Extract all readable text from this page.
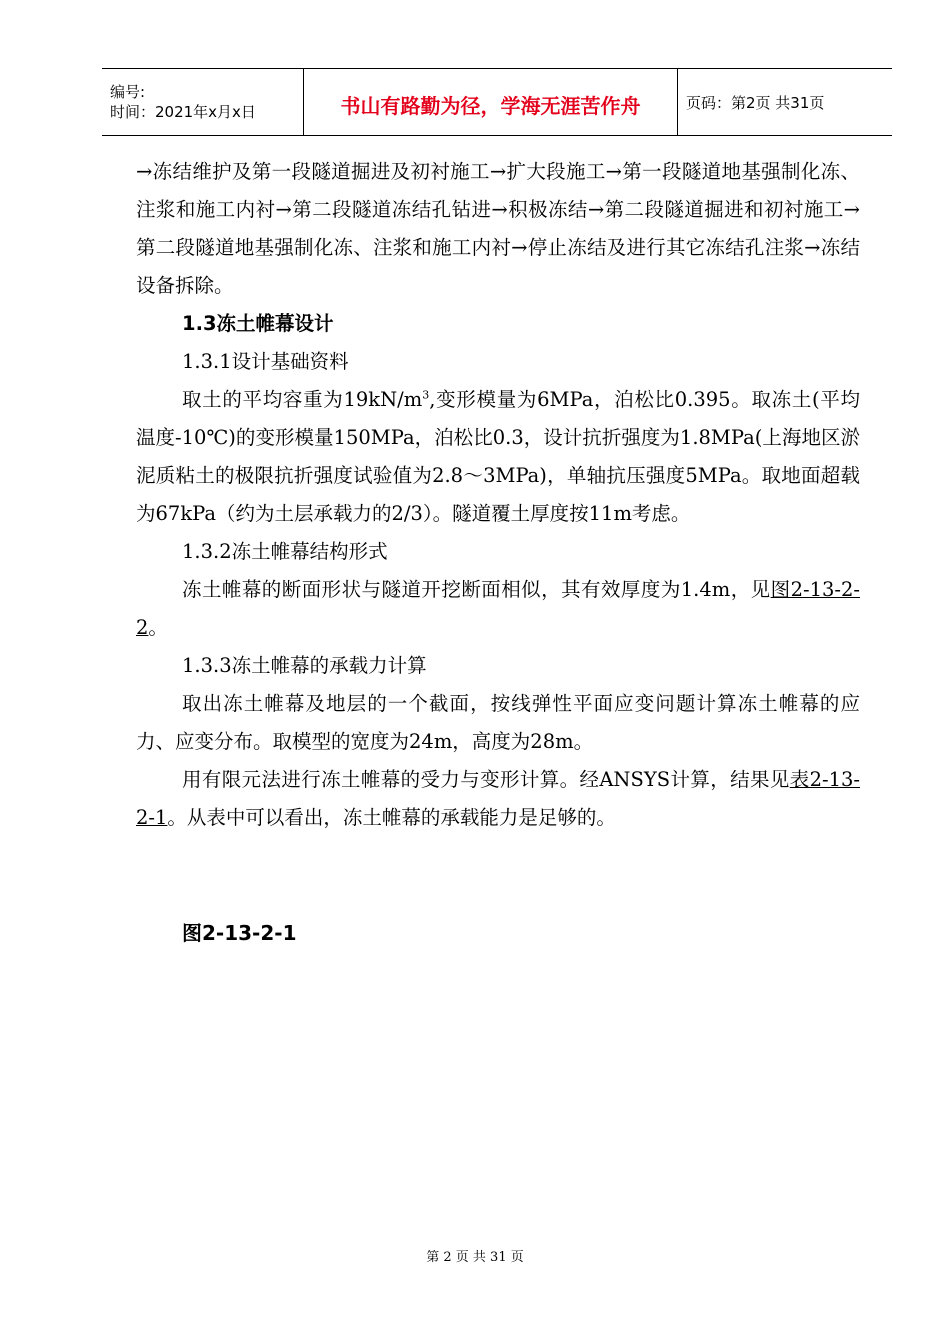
编号:
时间：2021年x月x日	书山有路勤为径，学海无涯苦作舟	页码：第2页 共31页

→冻结维护及第一段隧道掘进及初衬施工→扩大段施工→第一段隧道地基强制化冻、注浆和施工内衬→第二段隧道冻结孔钻进→积极冻结→第二段隧道掘进和初衬施工→第二段隧道地基强制化冻、注浆和施工内衬→停止冻结及进行其它冻结孔注浆→冻结设备拆除。

1.3冻土帷幕设计

1.3.1设计基础资料

取土的平均容重为$19kN/m^3$,变形模量为6MPa，泊松比0.395。取冻土(平均温度-10℃)的变形模量150MPa，泊松比0.3，设计抗折强度为1.8MPa(上海地区淤泥质粘土的极限抗折强度试验值为2.8～3MPa)，单轴抗压强度5MPa。取地面超载为67kPa（约为土层承载力的2/3）。隧道覆土厚度按11m考虑。

1.3.2冻土帷幕结构形式

冻土帷幕的断面形状与隧道开挖断面相似，其有效厚度为1.4m，见图2-13-2-2。

1.3.3冻土帷幕的承载力计算

取出冻土帷幕及地层的一个截面，按线弹性平面应变问题计算冻土帷幕的应力、应变分布。取模型的宽度为24m，高度为28m。

用有限元法进行冻土帷幕的受力与变形计算。经ANSYS计算，结果见表2-13-2-1。从表中可以看出，冻土帷幕的承载能力是足够的。

图2-13-2-1
第 2 页 共 31 页
